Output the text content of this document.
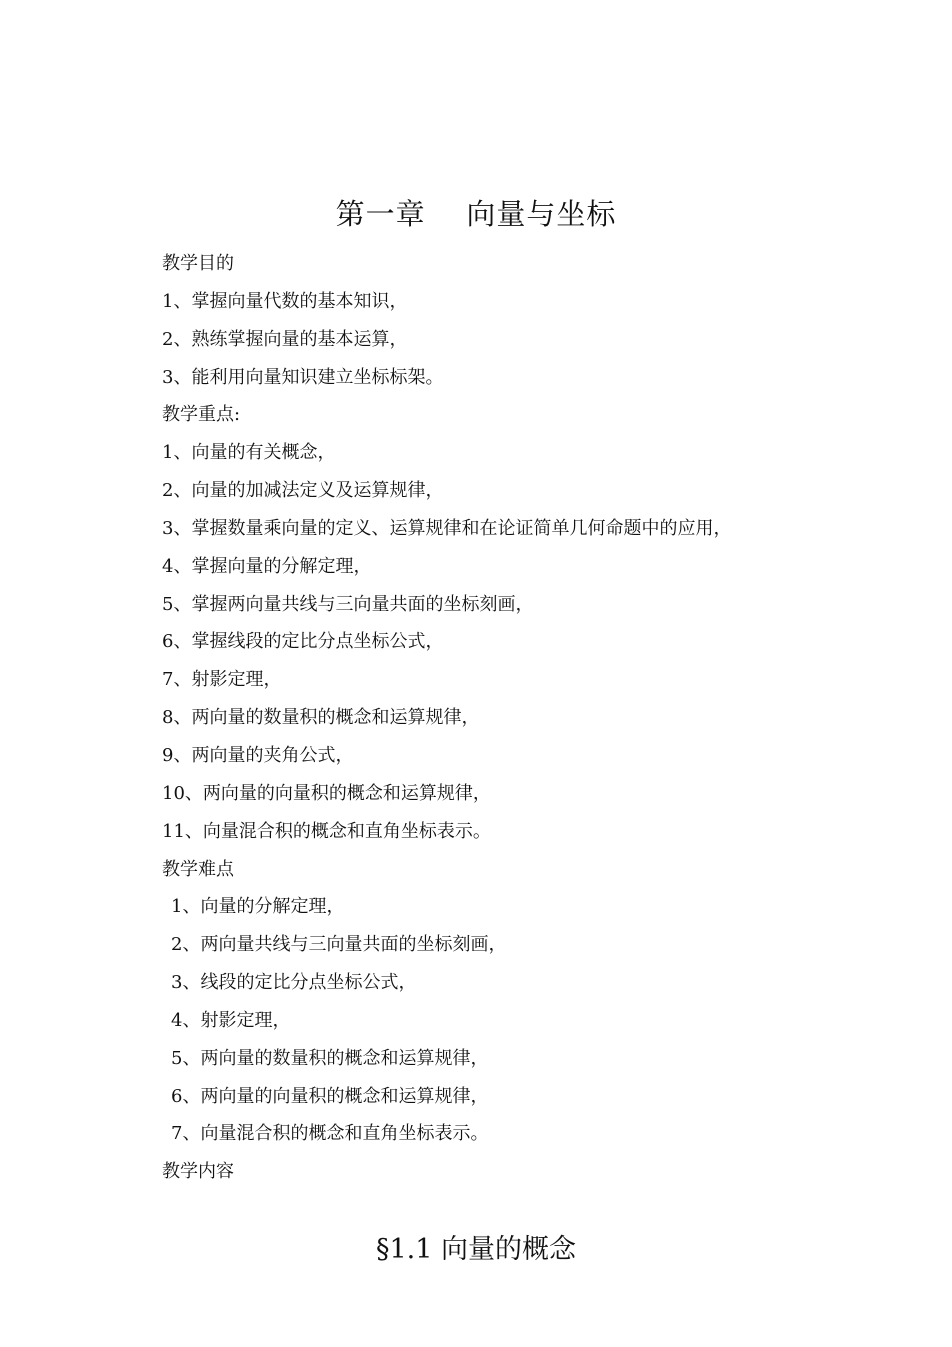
第一章    向量与坐标
教学目的
1、掌握向量代数的基本知识，
2、熟练掌握向量的基本运算，
3、能利用向量知识建立坐标标架。
教学重点:
1、向量的有关概念，
2、向量的加减法定义及运算规律，
3、掌握数量乘向量的定义、运算规律和在论证简单几何命题中的应用，
4、掌握向量的分解定理，
5、掌握两向量共线与三向量共面的坐标刻画，
6、掌握线段的定比分点坐标公式，
7、射影定理，
8、两向量的数量积的概念和运算规律，
9、两向量的夹角公式，
10、两向量的向量积的概念和运算规律，
11、向量混合积的概念和直角坐标表示。
教学难点
1、向量的分解定理，
2、两向量共线与三向量共面的坐标刻画，
3、线段的定比分点坐标公式，
4、射影定理，
5、两向量的数量积的概念和运算规律，
6、两向量的向量积的概念和运算规律，
7、向量混合积的概念和直角坐标表示。
教学内容
§1.1 向量的概念
